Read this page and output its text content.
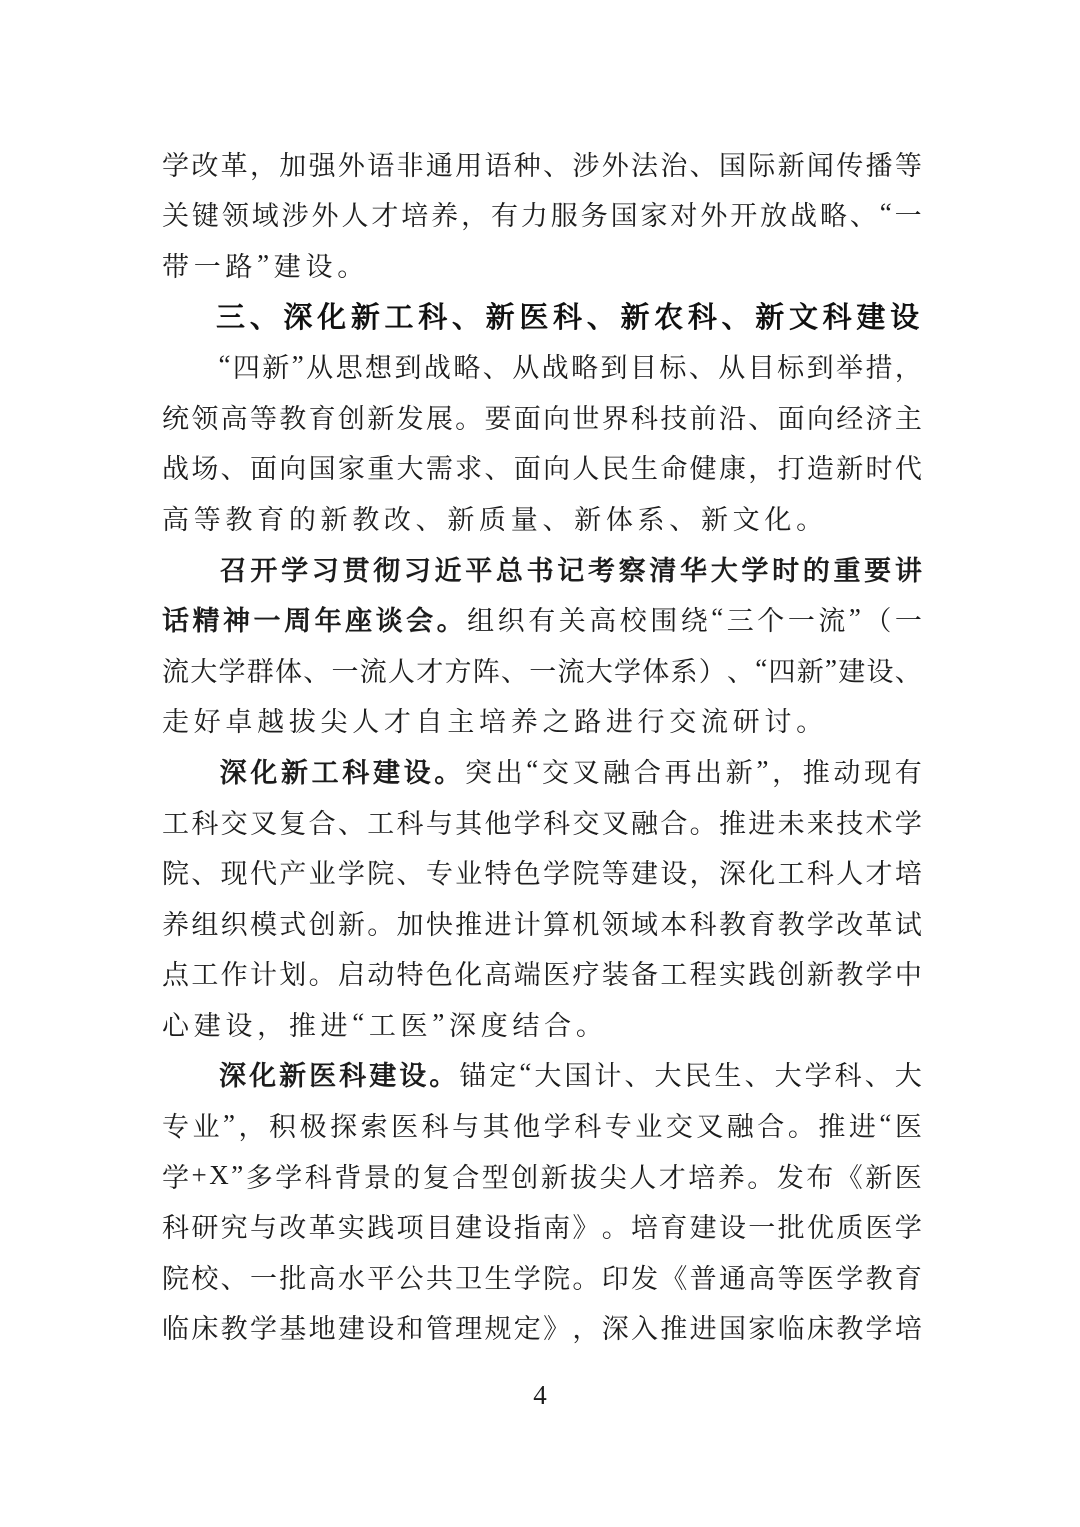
学 改 革 ， 加 强 外 语 非 通 用 语 种 、 涉 外 法 治 、 国 际 新 闻 传 播 等
关 键 领 域 涉 外 人 才 培 养 ， 有 力 服 务 国 家 对 外 开 放 战 略 、 “ 一
带 一 路 ” 建 设 。
三 、 深 化 新 工 科 、 新 医 科 、 新 农 科 、 新 文 科 建 设
“ 四 新 ” 从 思 想 到 战 略 、 从 战 略 到 目 标 、 从 目 标 到 举 措 ，
统 领 高 等 教 育 创 新 发 展 。 要 面 向 世 界 科 技 前 沿 、 面 向 经 济 主
战 场 、 面 向 国 家 重 大 需 求 、 面 向 人 民 生 命 健 康 ， 打 造 新 时 代
高 等 教 育 的 新 教 改 、 新 质 量 、 新 体 系 、 新 文 化 。
召 开 学 习 贯 彻 习 近 平 总 书 记 考 察 清 华 大 学 时 的 重 要 讲
话 精 神 一 周 年 座 谈 会 。 组 织 有 关 高 校 围 绕 “ 三 个 一 流 ” （ 一
流 大 学 群 体 、 一 流 人 才 方 阵 、 一 流 大 学 体 系 ） 、 “ 四 新 ” 建 设 、
走 好 卓 越 拔 尖 人 才 自 主 培 养 之 路 进 行 交 流 研 讨 。
深 化 新 工 科 建 设 。 突 出 “ 交 叉 融 合 再 出 新 ” ， 推 动 现 有
工 科 交 叉 复 合 、 工 科 与 其 他 学 科 交 叉 融 合 。 推 进 未 来 技 术 学
院 、 现 代 产 业 学 院 、 专 业 特 色 学 院 等 建 设 ， 深 化 工 科 人 才 培
养 组 织 模 式 创 新 。 加 快 推 进 计 算 机 领 域 本 科 教 育 教 学 改 革 试
点 工 作 计 划 。 启 动 特 色 化 高 端 医 疗 装 备 工 程 实 践 创 新 教 学 中
心 建 设 ， 推 进 “ 工 医 ” 深 度 结 合 。
深 化 新 医 科 建 设 。 锚 定 “ 大 国 计 、 大 民 生 、 大 学 科 、 大
专 业 ” ， 积 极 探 索 医 科 与 其 他 学 科 专 业 交 叉 融 合 。 推 进 “ 医
学 + X ” 多 学 科 背 景 的 复 合 型 创 新 拔 尖 人 才 培 养 。 发 布 《 新 医
科 研 究 与 改 革 实 践 项 目 建 设 指 南 》 。 培 育 建 设 一 批 优 质 医 学
院 校 、 一 批 高 水 平 公 共 卫 生 学 院 。 印 发 《 普 通 高 等 医 学 教 育
临 床 教 学 基 地 建 设 和 管 理 规 定 》 ， 深 入 推 进 国 家 临 床 教 学 培
4
